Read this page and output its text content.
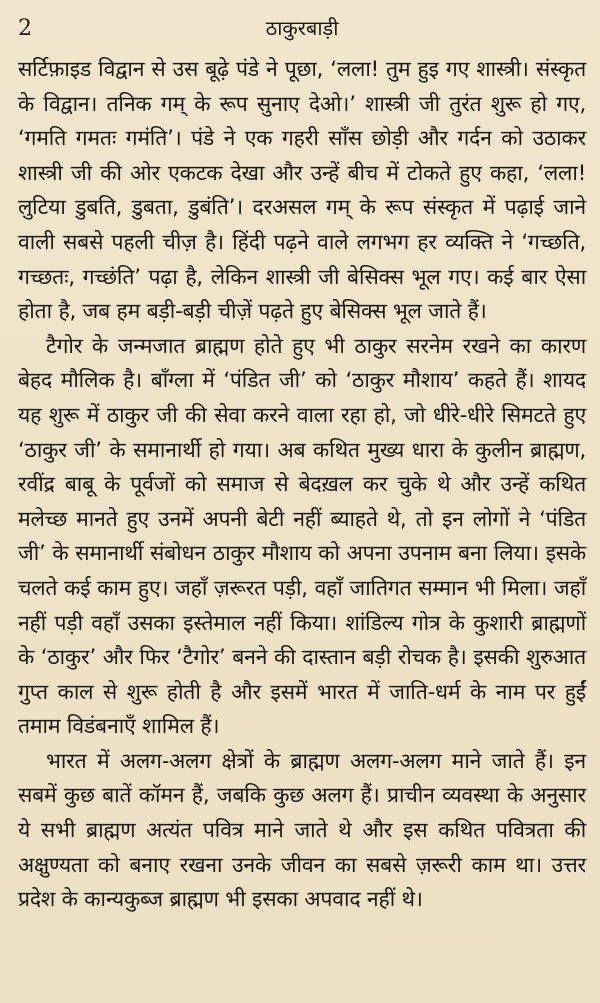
2	ठाकुरबाड़ी

सर्टिफ़ाइड विद्वान से उस बूढ़े पंडे ने पूछा, ‘लला! तुम हुइ गए शास्त्री। संस्कृत के विद्वान। तनिक गम् के रूप सुनाए देओ।’ शास्त्री जी तुरंत शुरू हो गए, ‘गमति गमतः गमंति’। पंडे ने एक गहरी साँस छोड़ी और गर्दन को उठाकर शास्त्री जी की ओर एकटक देखा और उन्हें बीच में टोकते हुए कहा, ‘लला! लुटिया डुबति, डुबता, डुबंति’। दरअसल गम् के रूप संस्कृत में पढ़ाई जाने वाली सबसे पहली चीज़ है। हिंदी पढ़ने वाले लगभग हर व्यक्ति ने ‘गच्छति, गच्छतः, गच्छंति’ पढ़ा है, लेकिन शास्त्री जी बेसिक्स भूल गए। कई बार ऐसा होता है, जब हम बड़ी-बड़ी चीज़ें पढ़ते हुए बेसिक्स भूल जाते हैं।

टैगोर के जन्मजात ब्राह्मण होते हुए भी ठाकुर सरनेम रखने का कारण बेहद मौलिक है। बाँग्ला में ‘पंडित जी’ को ‘ठाकुर मौशाय’ कहते हैं। शायद यह शुरू में ठाकुर जी की सेवा करने वाला रहा हो, जो धीरे-धीरे सिमटते हुए ‘ठाकुर जी’ के समानार्थी हो गया। अब कथित मुख्य धारा के कुलीन ब्राह्मण, रवींद्र बाबू के पूर्वजों को समाज से बेदख़ल कर चुके थे और उन्हें कथित मलेच्छ मानते हुए उनमें अपनी बेटी नहीं ब्याहते थे, तो इन लोगों ने ‘पंडित जी’ के समानार्थी संबोधन ठाकुर मौशाय को अपना उपनाम बना लिया। इसके चलते कई काम हुए। जहाँ ज़रूरत पड़ी, वहाँ जातिगत सम्मान भी मिला। जहाँ नहीं पड़ी वहाँ उसका इस्तेमाल नहीं किया। शांडिल्य गोत्र के कुशारी ब्राह्मणों के ‘ठाकुर’ और फिर ‘टैगोर’ बनने की दास्तान बड़ी रोचक है। इसकी शुरुआत गुप्त काल से शुरू होती है और इसमें भारत में जाति-धर्म के नाम पर हुईं तमाम विडंबनाएँ शामिल हैं।

भारत में अलग-अलग क्षेत्रों के ब्राह्मण अलग-अलग माने जाते हैं। इन सबमें कुछ बातें कॉमन हैं, जबकि कुछ अलग हैं। प्राचीन व्यवस्था के अनुसार ये सभी ब्राह्मण अत्यंत पवित्र माने जाते थे और इस कथित पवित्रता की अक्षुण्यता को बनाए रखना उनके जीवन का सबसे ज़रूरी काम था। उत्तर प्रदेश के कान्यकुब्ज ब्राह्मण भी इसका अपवाद नहीं थे।
